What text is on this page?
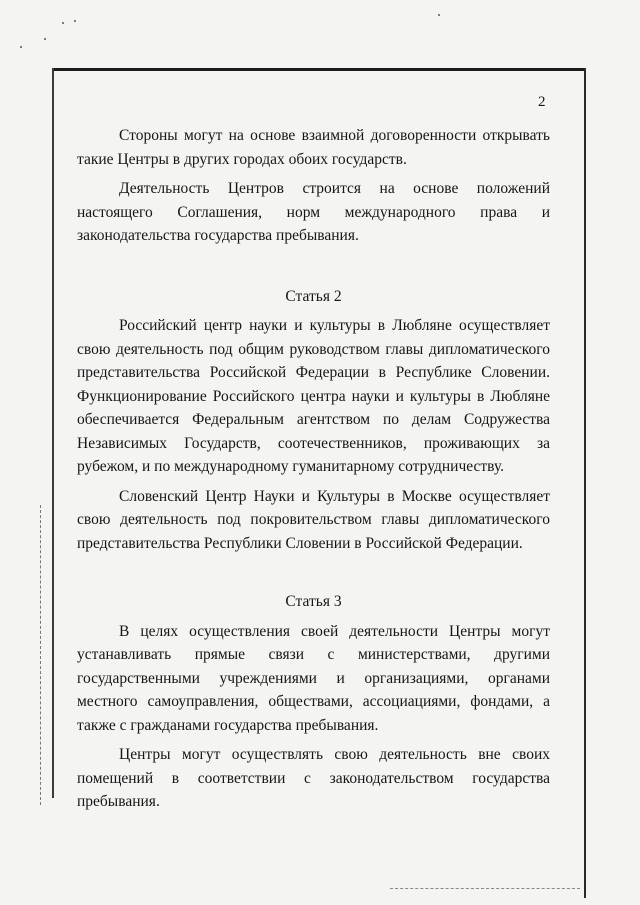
2

Стороны могут на основе взаимной договоренности открывать такие Центры в других городах обоих государств.

Деятельность Центров строится на основе положений настоящего Соглашения, норм международного права и законодательства государства пребывания.

Статья 2

Российский центр науки и культуры в Любляне осуществляет свою деятельность под общим руководством главы дипломатического представительства Российской Федерации в Республике Словении. Функционирование Российского центра науки и культуры в Любляне обеспечивается Федеральным агентством по делам Содружества Независимых Государств, соотечественников, проживающих за рубежом, и по международному гуманитарному сотрудничеству.

Словенский Центр Науки и Культуры в Москве осуществляет свою деятельность под покровительством главы дипломатического представительства Республики Словении в Российской Федерации.

Статья 3

В целях осуществления своей деятельности Центры могут устанавливать прямые связи с министерствами, другими государственными учреждениями и организациями, органами местного самоуправления, обществами, ассоциациями, фондами, а также с гражданами государства пребывания.

Центры могут осуществлять свою деятельность вне своих помещений в соответствии с законодательством государства пребывания.
